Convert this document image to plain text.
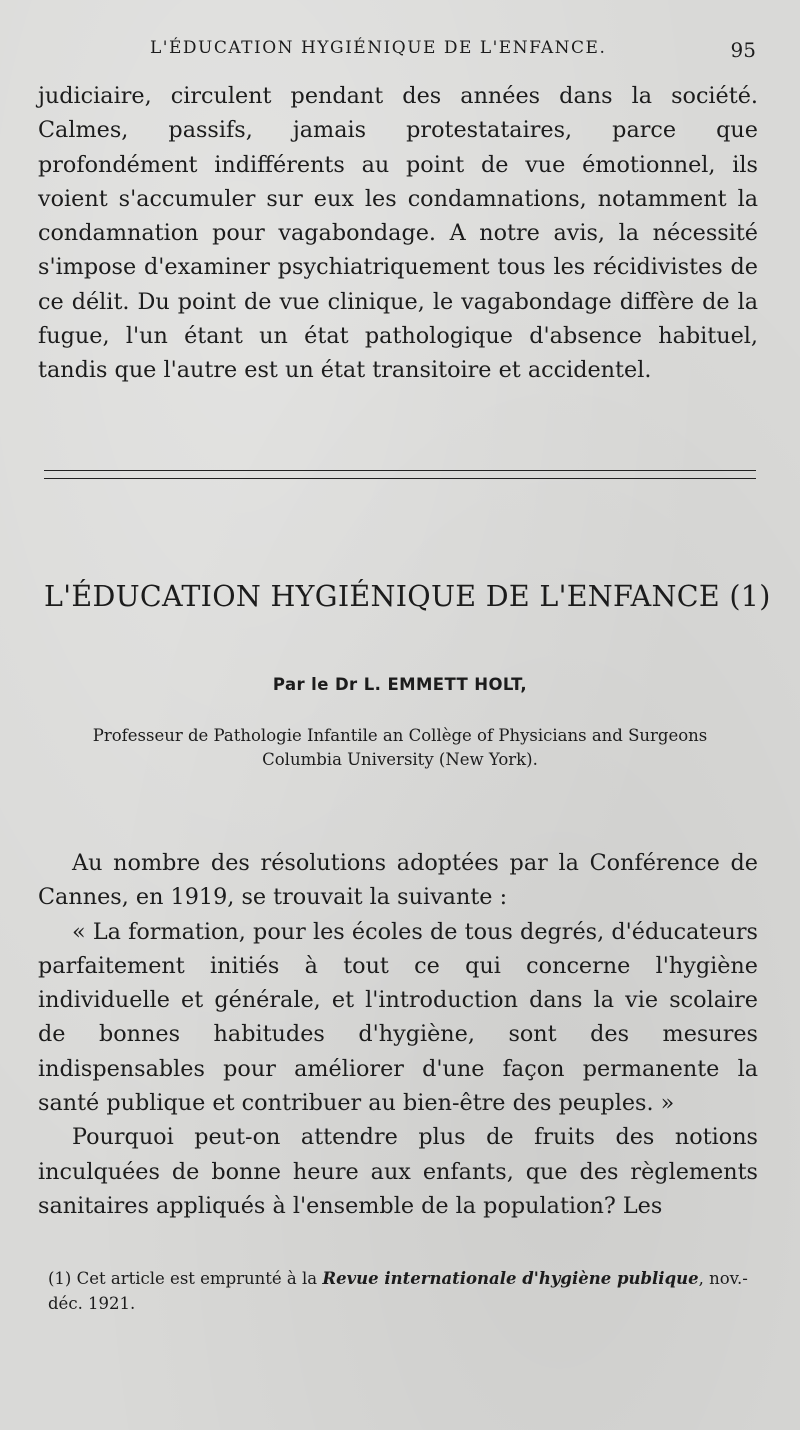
L'ÉDUCATION HYGIÉNIQUE DE L'ENFANCE.	95

judiciaire, circulent pendant des années dans la société. Calmes, passifs, jamais protestataires, parce que profondément indifférents au point de vue émotionnel, ils voient s'accumuler sur eux les condamnations, notamment la condamnation pour vagabondage. A notre avis, la nécessité s'impose d'examiner psychiatriquement tous les récidivistes de ce délit. Du point de vue clinique, le vagabondage diffère de la fugue, l'un étant un état pathologique d'absence habituel, tandis que l'autre est un état transitoire et accidentel.

L'ÉDUCATION HYGIÉNIQUE DE L'ENFANCE (1)
Par le Dr L. EMMETT HOLT,
Professeur de Pathologie Infantile an Collège of Physicians and Surgeons Columbia University (New York).

Au nombre des résolutions adoptées par la Conférence de Cannes, en 1919, se trouvait la suivante :

« La formation, pour les écoles de tous degrés, d'éducateurs parfaitement initiés à tout ce qui concerne l'hygiène individuelle et générale, et l'introduction dans la vie scolaire de bonnes habitudes d'hygiène, sont des mesures indispensables pour améliorer d'une façon permanente la santé publique et contribuer au bien-être des peuples. »

Pourquoi peut-on attendre plus de fruits des notions inculquées de bonne heure aux enfants, que des règlements sanitaires appliqués à l'ensemble de la population? Les

(1) Cet article est emprunté à la Revue internationale d'hygiène publique, nov.-déc. 1921.
